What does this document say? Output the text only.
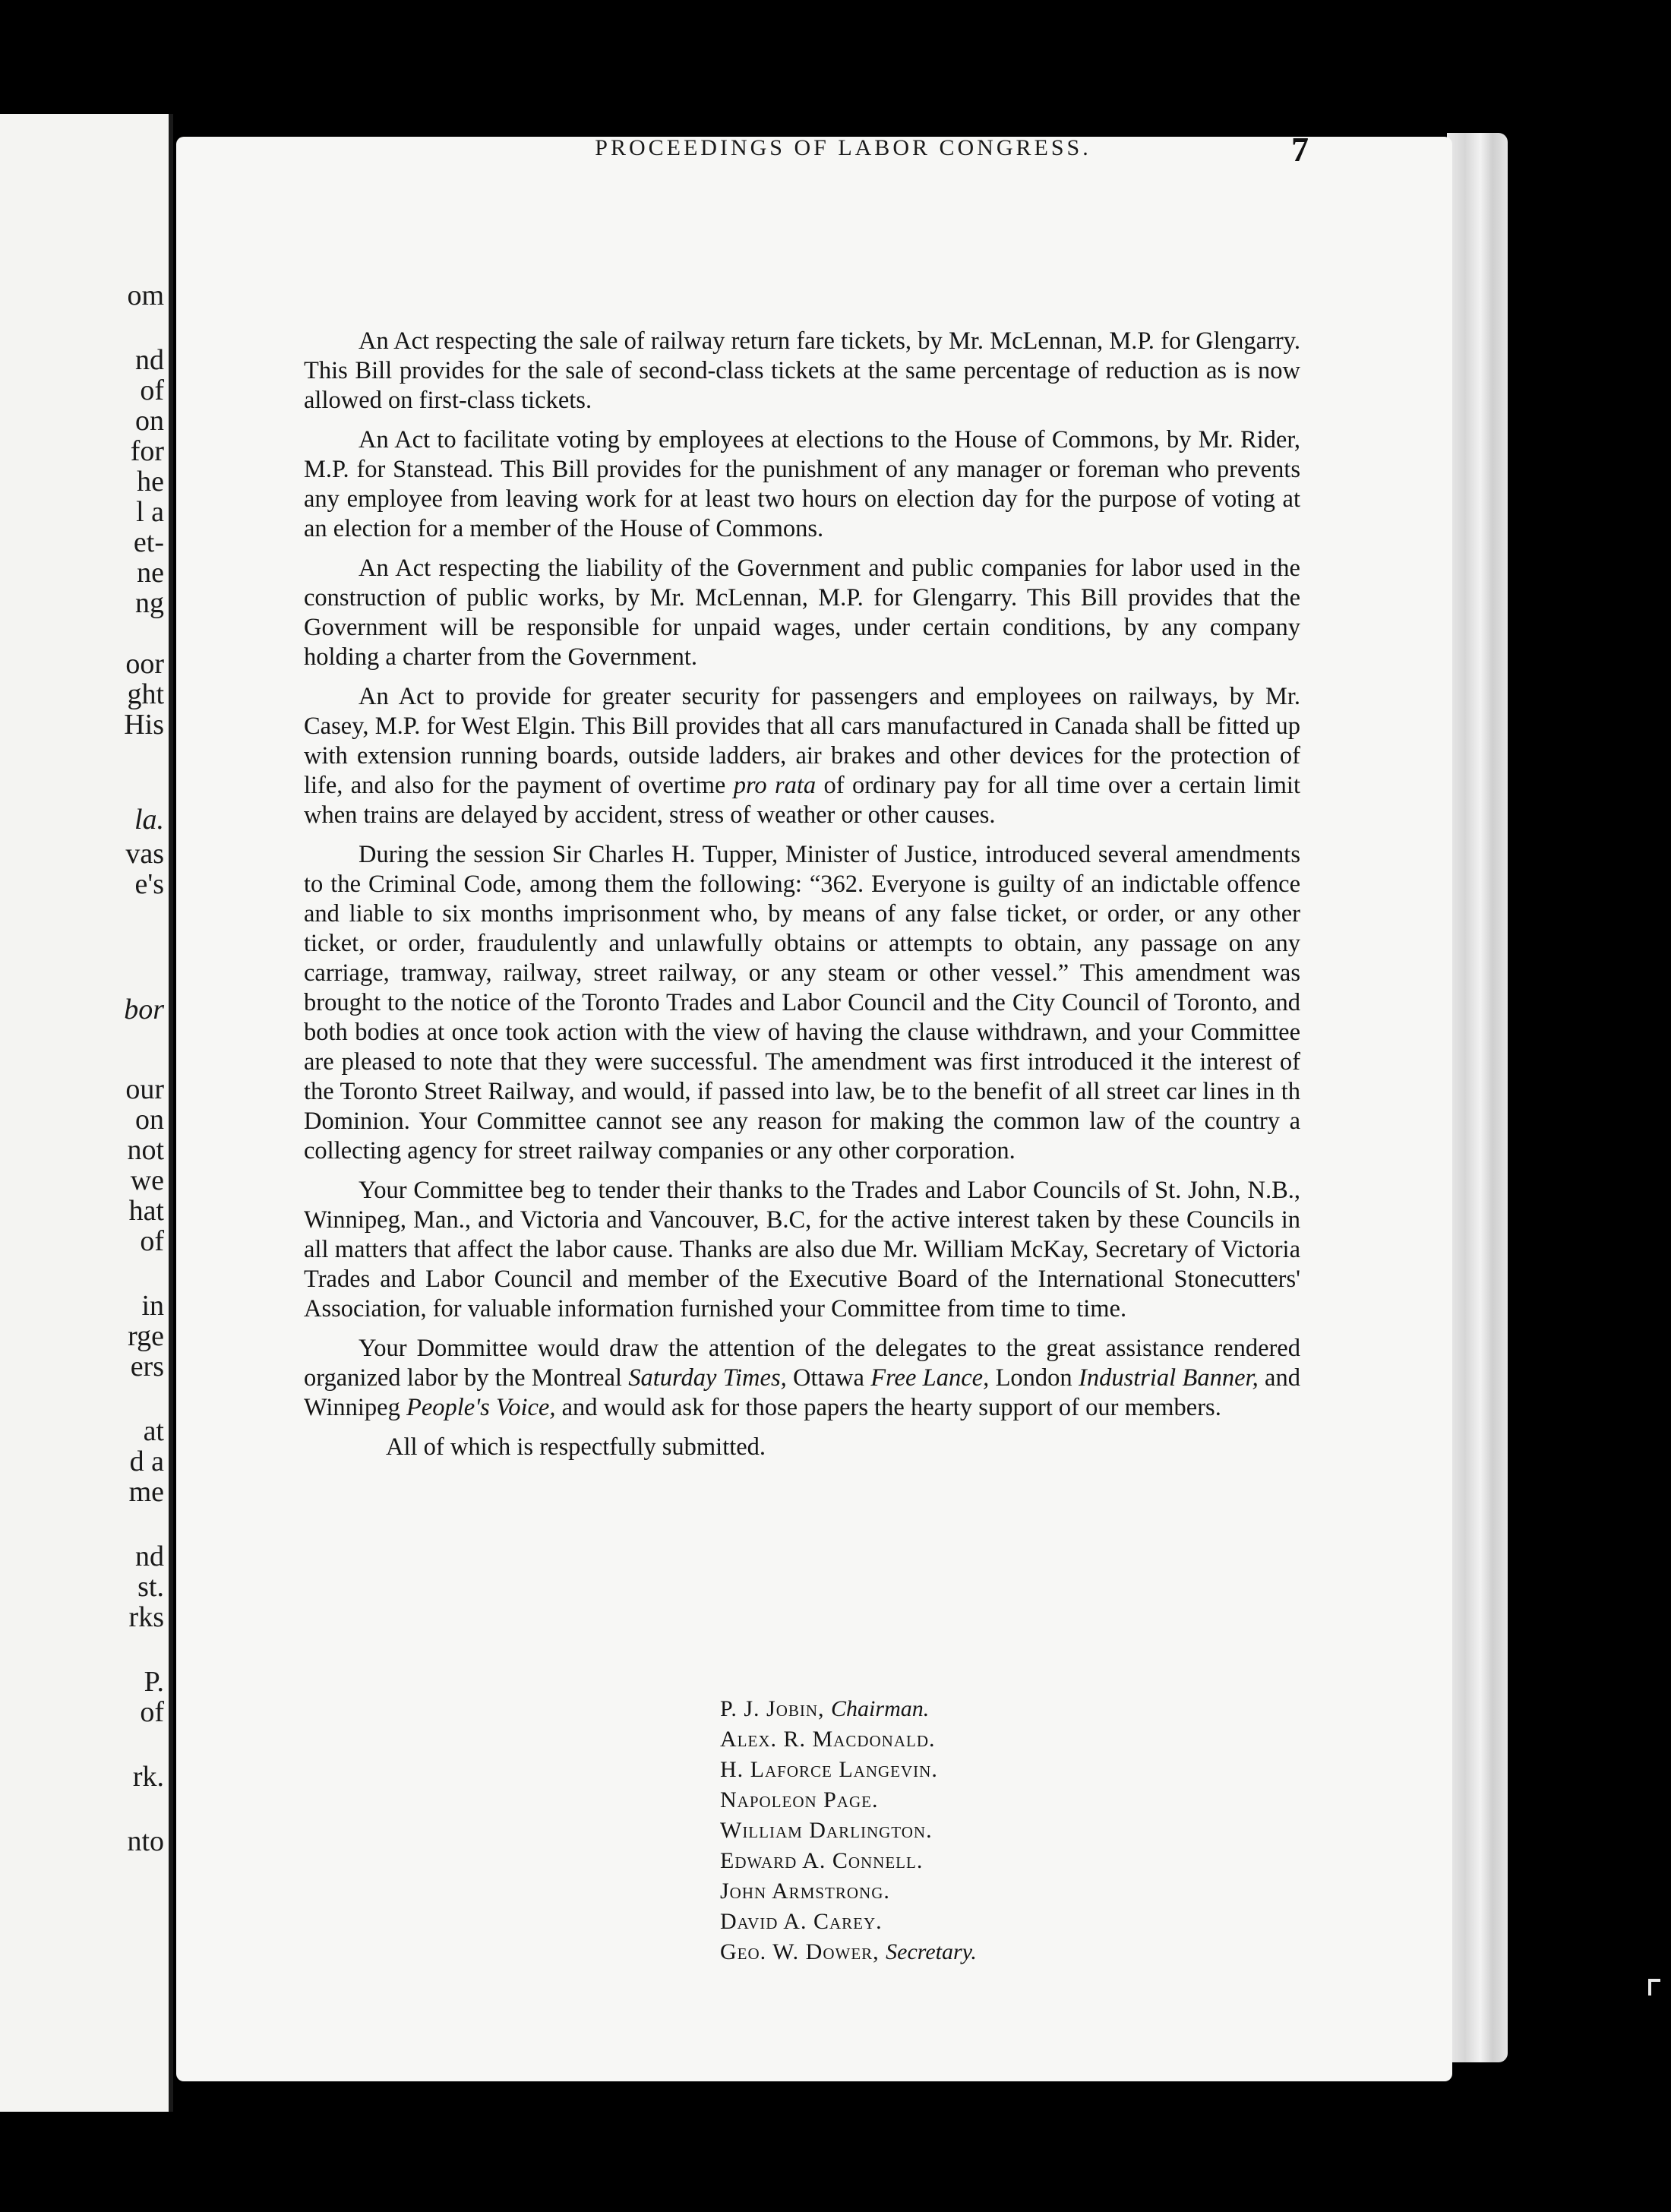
om
nd
of
on
for
he
l a
et-
ne
ng
oor
ght
His
la.
vas
e's
bor
our
on
not
we
hat
of
in
rge
ers
at
d a
me
nd
st.
rks
P.
of
rk.
nto

An Act respecting the sale of railway return fare tickets, by Mr. McLennan, M.P. for Glengarry. This Bill provides for the sale of second-class tickets at the same percentage of reduction as is now allowed on first-class tickets.

An Act to facilitate voting by employees at elections to the House of Commons, by Mr. Rider, M.P. for Stanstead. This Bill provides for the punishment of any manager or foreman who prevents any employee from leaving work for at least two hours on election day for the purpose of voting at an election for a member of the House of Commons.

An Act respecting the liability of the Government and public companies for labor used in the construction of public works, by Mr. McLennan, M.P. for Glengarry. This Bill provides that the Government will be responsible for unpaid wages, under certain conditions, by any company holding a charter from the Government.

An Act to provide for greater security for passengers and employees on railways, by Mr. Casey, M.P. for West Elgin. This Bill provides that all cars manufactured in Canada shall be fitted up with extension running boards, outside ladders, air brakes and other devices for the protection of life, and also for the payment of overtime pro rata of ordinary pay for all time over a certain limit when trains are delayed by accident, stress of weather or other causes.

During the session Sir Charles H. Tupper, Minister of Justice, introduced several amendments to the Criminal Code, among them the following: “362. Everyone is guilty of an indictable offence and liable to six months imprisonment who, by means of any false ticket, or order, or any other ticket, or order, fraudulently and unlawfully obtains or attempts to obtain, any passage on any carriage, tramway, railway, street railway, or any steam or other vessel.” This amendment was brought to the notice of the Toronto Trades and Labor Council and the City Council of Toronto, and both bodies at once took action with the view of having the clause withdrawn, and your Committee are pleased to note that they were successful. The amendment was first introduced it the interest of the Toronto Street Railway, and would, if passed into law, be to the benefit of all street car lines in th Dominion. Your Committee cannot see any reason for making the common law of the country a collecting agency for street railway companies or any other corporation.

Your Committee beg to tender their thanks to the Trades and Labor Councils of St. John, N.B., Winnipeg, Man., and Victoria and Vancouver, B.C, for the active interest taken by these Councils in all matters that affect the labor cause. Thanks are also due Mr. William McKay, Secretary of Victoria Trades and Labor Council and member of the Executive Board of the International Stonecutters' Association, for valuable information furnished your Committee from time to time.

Your Dommittee would draw the attention of the delegates to the great assistance rendered organized labor by the Montreal Saturday Times, Ottawa Free Lance, London Industrial Banner, and Winnipeg People's Voice, and would ask for those papers the hearty support of our members.

All of which is respectfully submitted.

PROCEEDINGS OF LABOR CONGRESS.	7
P. J. Jobin, Chairman.
Alex. R. Macdonald.
H. Laforce Langevin.
Napoleon Page.
William Darlington.
Edward A. Connell.
John Armstrong.
David A. Carey.
Geo. W. Dower, Secretary.
